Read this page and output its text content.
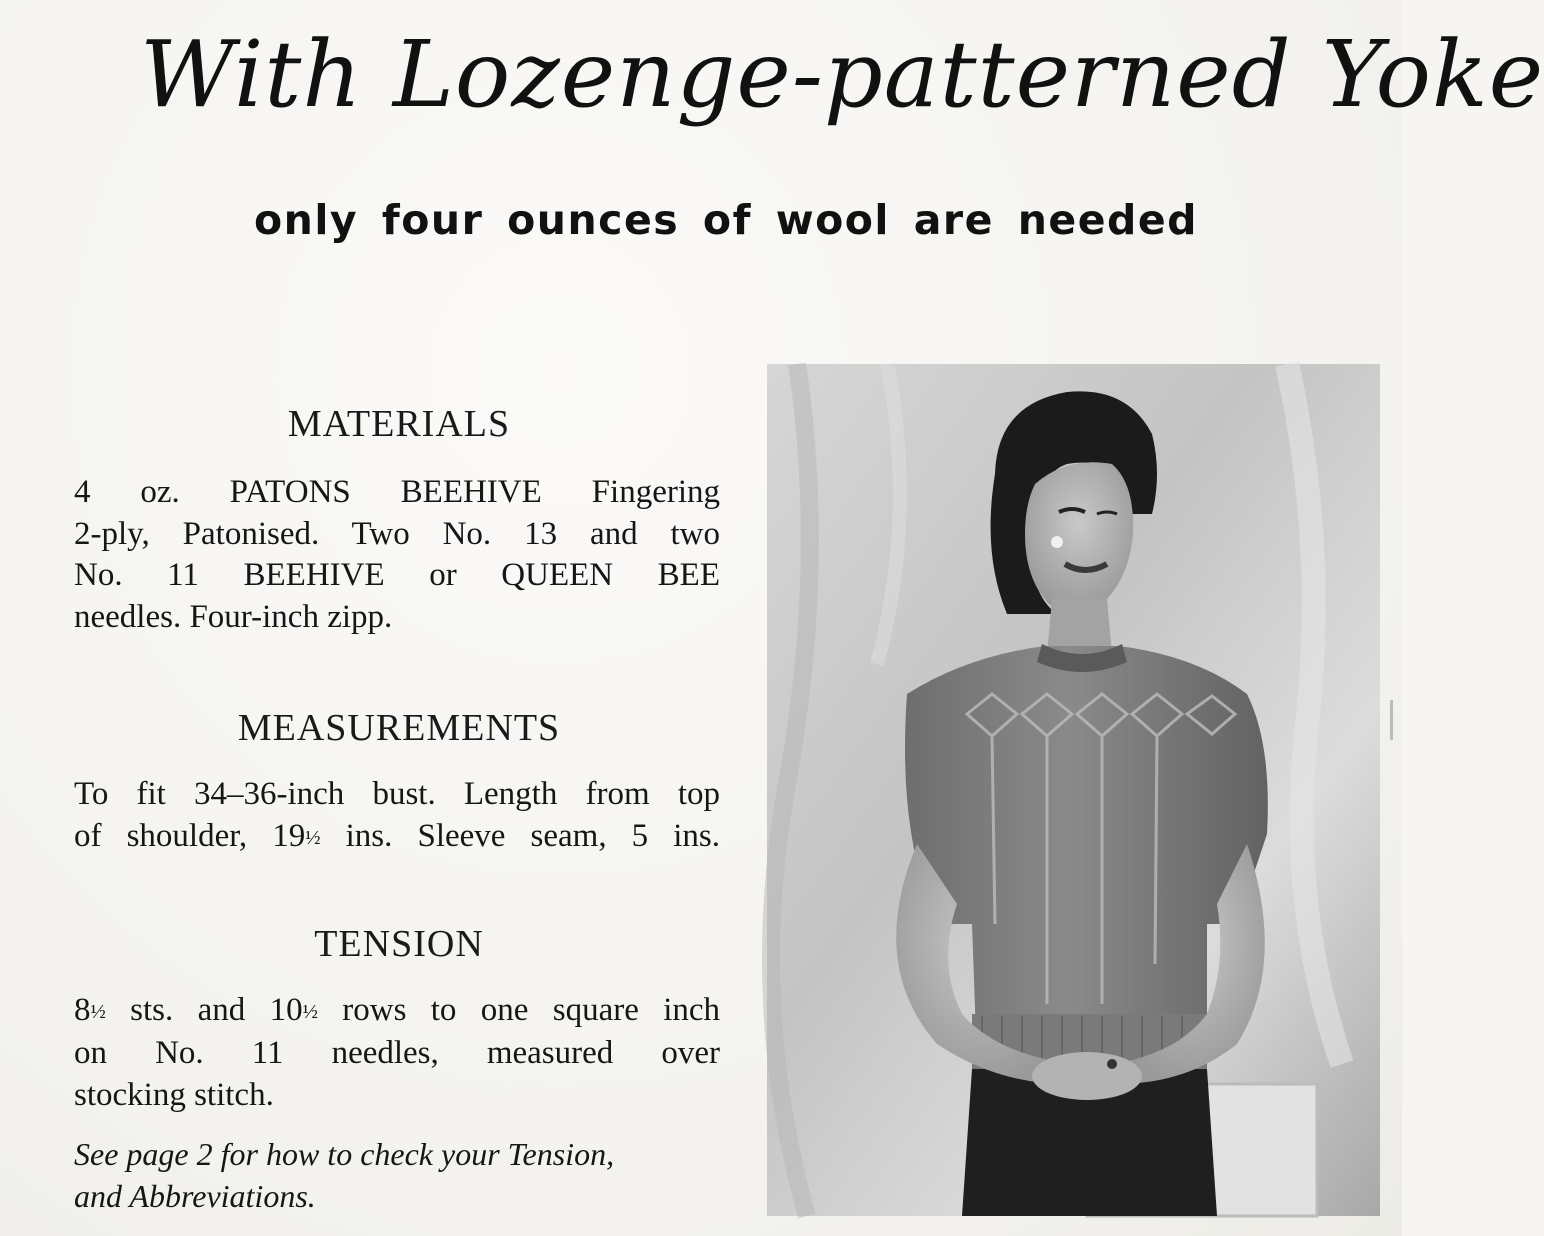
With Lozenge-patterned Yoke
only four ounces of wool are needed
MATERIALS
4 oz. PATONS BEEHIVE Fingering
2-ply, Patonised. Two No. 13 and two
No. 11 BEEHIVE or QUEEN BEE
needles. Four-inch zipp.
MEASUREMENTS
To fit 34–36-inch bust. Length from top
of shoulder, 19½ ins. Sleeve seam, 5 ins.
TENSION
8½ sts. and 10½ rows to one square inch
on No. 11 needles, measured over
stocking stitch.
See page 2 for how to check your Tension,
and Abbreviations.
